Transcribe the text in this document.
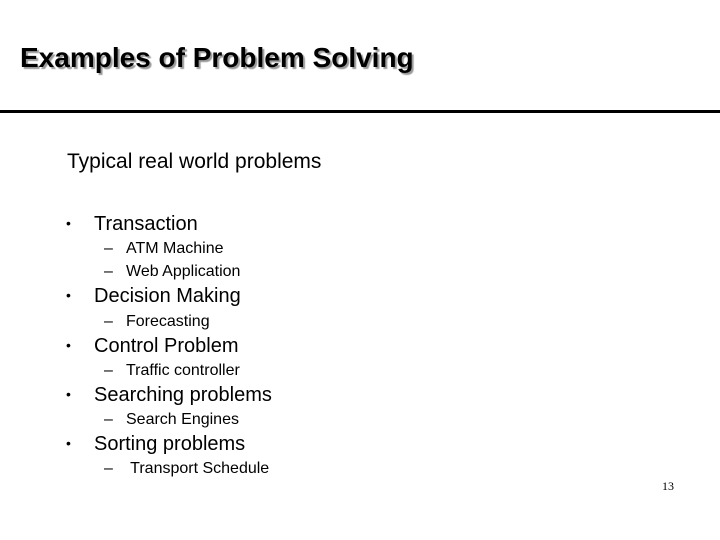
Examples of Problem Solving
Typical real world problems
• Transaction
– ATM Machine
– Web Application
• Decision Making
– Forecasting
• Control Problem
– Traffic controller
• Searching problems
– Search Engines
• Sorting problems
– Transport Schedule
13
